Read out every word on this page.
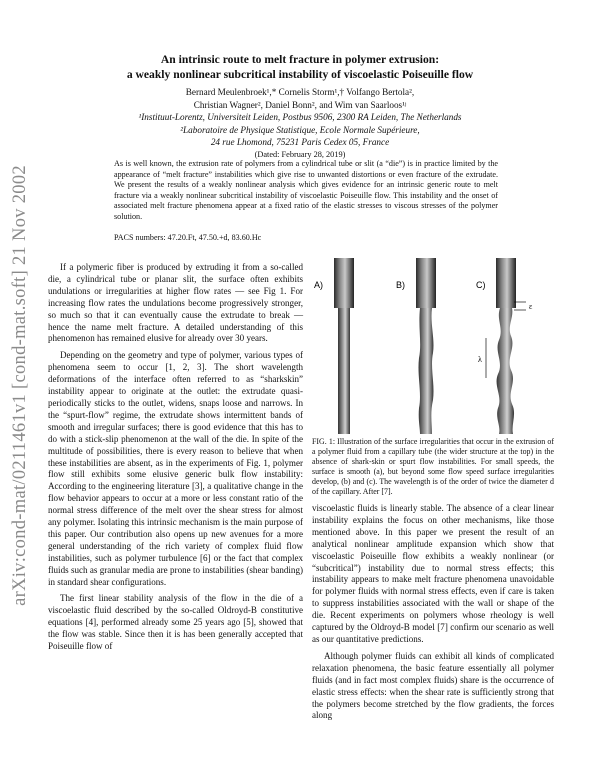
arXiv:cond-mat/0211461v1 [cond-mat.soft] 21 Nov 2002
An intrinsic route to melt fracture in polymer extrusion:
a weakly nonlinear subcritical instability of viscoelastic Poiseuille flow
Bernard Meulenbroek¹,* Cornelis Storm¹,† Volfango Bertola²,
Christian Wagner², Daniel Bonn², and Wim van Saarloos¹ʲ
¹Instituut-Lorentz, Universiteit Leiden, Postbus 9506, 2300 RA Leiden, The Netherlands
²Laboratoire de Physique Statistique, Ecole Normale Supérieure,
24 rue Lhomond, 75231 Paris Cedex 05, France
(Dated: February 28, 2019)
As is well known, the extrusion rate of polymers from a cylindrical tube or slit (a “die”) is in practice limited by the appearance of “melt fracture” instabilities which give rise to unwanted distortions or even fracture of the extrudate. We present the results of a weakly nonlinear analysis which gives evidence for an intrinsic generic route to melt fracture via a weakly nonlinear subcritical instability of viscoelastic Poiseuille flow. This instability and the onset of associated melt fracture phenomena appear at a fixed ratio of the elastic stresses to viscous stresses of the polymer solution.
PACS numbers: 47.20.Ft, 47.50.+d, 83.60.Hc

If a polymeric fiber is produced by extruding it from a so-called die, a cylindrical tube or planar slit, the surface often exhibits undulations or irregularities at higher flow rates — see Fig 1. For increasing flow rates the undulations become progressively stronger, so much so that it can eventually cause the extrudate to break — hence the name melt fracture. A detailed understanding of this phenomenon has remained elusive for already over 30 years.

Depending on the geometry and type of polymer, various types of phenomena seem to occur [1, 2, 3]. The short wavelength deformations of the interface often referred to as “sharkskin” instability appear to originate at the outlet: the extrudate quasi-periodically sticks to the outlet, widens, snaps loose and narrows. In the “spurt-flow” regime, the extrudate shows intermittent bands of smooth and irregular surfaces; there is good evidence that this has to do with a stick-slip phenomenon at the wall of the die. In spite of the multitude of possibilities, there is every reason to believe that when these instabilities are absent, as in the experiments of Fig. 1, polymer flow still exhibits some elusive generic bulk flow instability: According to the engineering literature [3], a qualitative change in the flow behavior appears to occur at a more or less constant ratio of the normal stress difference of the melt over the shear stress for almost any polymer. Isolating this intrinsic mechanism is the main purpose of this paper. Our contribution also opens up new avenues for a more general understanding of the rich variety of complex fluid flow instabilities, such as polymer turbulence [6] or the fact that complex fluids such as granular media are prone to instabilities (shear banding) in standard shear configurations.

The first linear stability analysis of the flow in the die of a viscoelastic fluid described by the so-called Oldroyd-B constitutive equations [4], performed already some 25 years ago [5], showed that the flow was stable. Since then it is has been generally accepted that Poiseuille flow of

A)	B)	C)
ε
λ
FIG. 1: Illustration of the surface irregularities that occur in the extrusion of a polymer fluid from a capillary tube (the wider structure at the top) in the absence of shark-skin or spurt flow instabilities. For small speeds, the surface is smooth (a), but beyond some flow speed surface irregularities develop, (b) and (c). The wavelength is of the order of twice the diameter d of the capillary. After [7].

viscoelastic fluids is linearly stable. The absence of a clear linear instability explains the focus on other mechanisms, like those mentioned above. In this paper we present the result of an analytical nonlinear amplitude expansion which show that viscoelastic Poiseuille flow exhibits a weakly nonlinear (or “subcritical”) instability due to normal stress effects; this instability appears to make melt fracture phenomena unavoidable for polymer fluids with normal stress effects, even if care is taken to suppress instabilities associated with the wall or shape of the die. Recent experiments on polymers whose rheology is well captured by the Oldroyd-B model [7] confirm our scenario as well as our quantitative predictions.

Although polymer fluids can exhibit all kinds of complicated relaxation phenomena, the basic feature essentially all polymer fluids (and in fact most complex fluids) share is the occurrence of elastic stress effects: when the shear rate is sufficiently strong that the polymers become stretched by the flow gradients, the forces along
